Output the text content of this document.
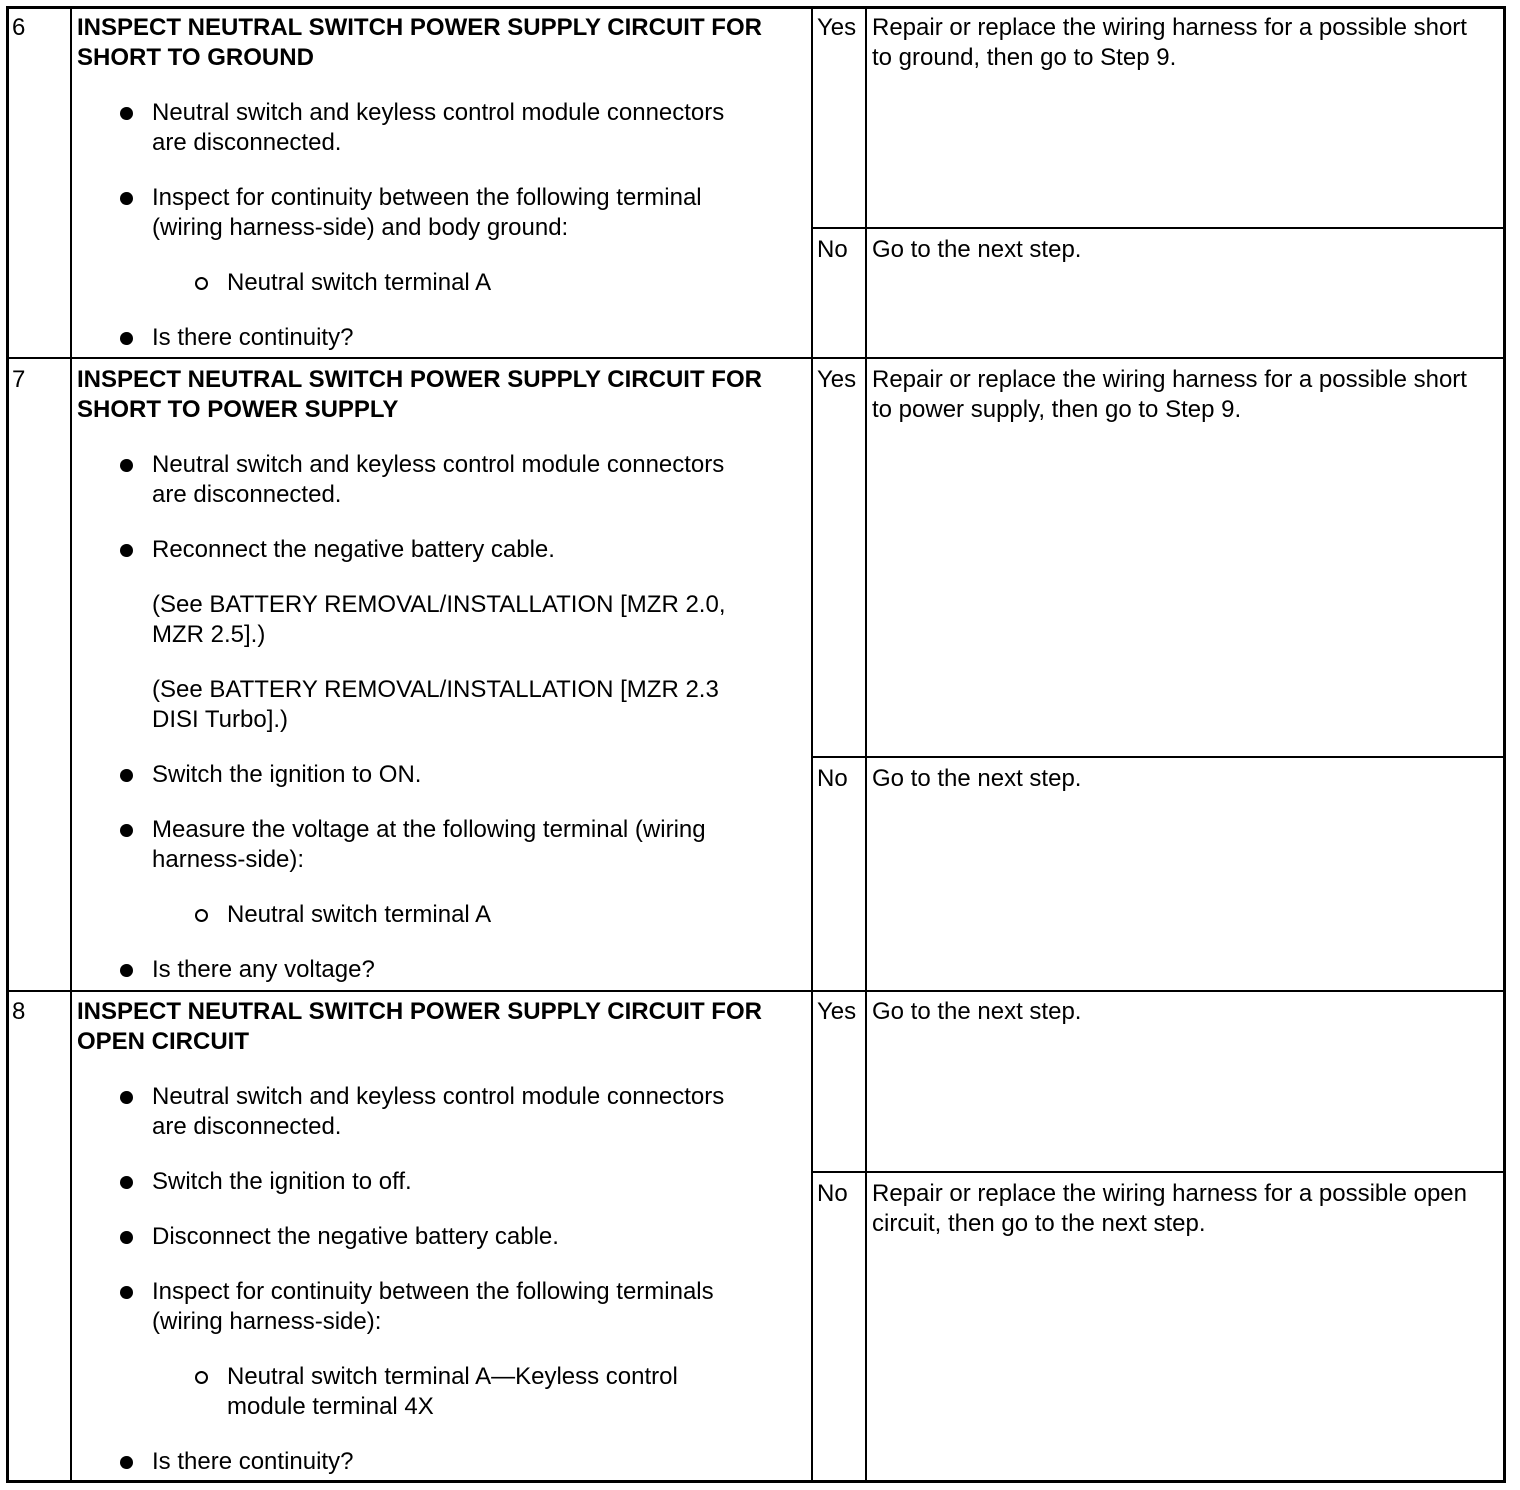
6 INSPECT NEUTRAL SWITCH POWER SUPPLY CIRCUIT FOR
SHORT TO GROUND
Neutral switch and keyless control module connectors
are disconnected.
Inspect for continuity between the following terminal
(wiring harness-side) and body ground:
Neutral switch terminal A
Is there continuity?
Yes Repair or replace the wiring harness for a possible short
to ground, then go to Step 9.
No Go to the next step.
7 INSPECT NEUTRAL SWITCH POWER SUPPLY CIRCUIT FOR
SHORT TO POWER SUPPLY
Neutral switch and keyless control module connectors
are disconnected.
Reconnect the negative battery cable.
(See BATTERY REMOVAL/INSTALLATION [MZR 2.0,
MZR 2.5].)
(See BATTERY REMOVAL/INSTALLATION [MZR 2.3
DISI Turbo].)
Switch the ignition to ON.
Measure the voltage at the following terminal (wiring
harness-side):
Neutral switch terminal A
Is there any voltage?
Yes Repair or replace the wiring harness for a possible short
to power supply, then go to Step 9.
No Go to the next step.
8 INSPECT NEUTRAL SWITCH POWER SUPPLY CIRCUIT FOR
OPEN CIRCUIT
Neutral switch and keyless control module connectors
are disconnected.
Switch the ignition to off.
Disconnect the negative battery cable.
Inspect for continuity between the following terminals
(wiring harness-side):
Neutral switch terminal A—Keyless control
module terminal 4X
Is there continuity?
Yes Go to the next step.
No Repair or replace the wiring harness for a possible open
circuit, then go to the next step.
